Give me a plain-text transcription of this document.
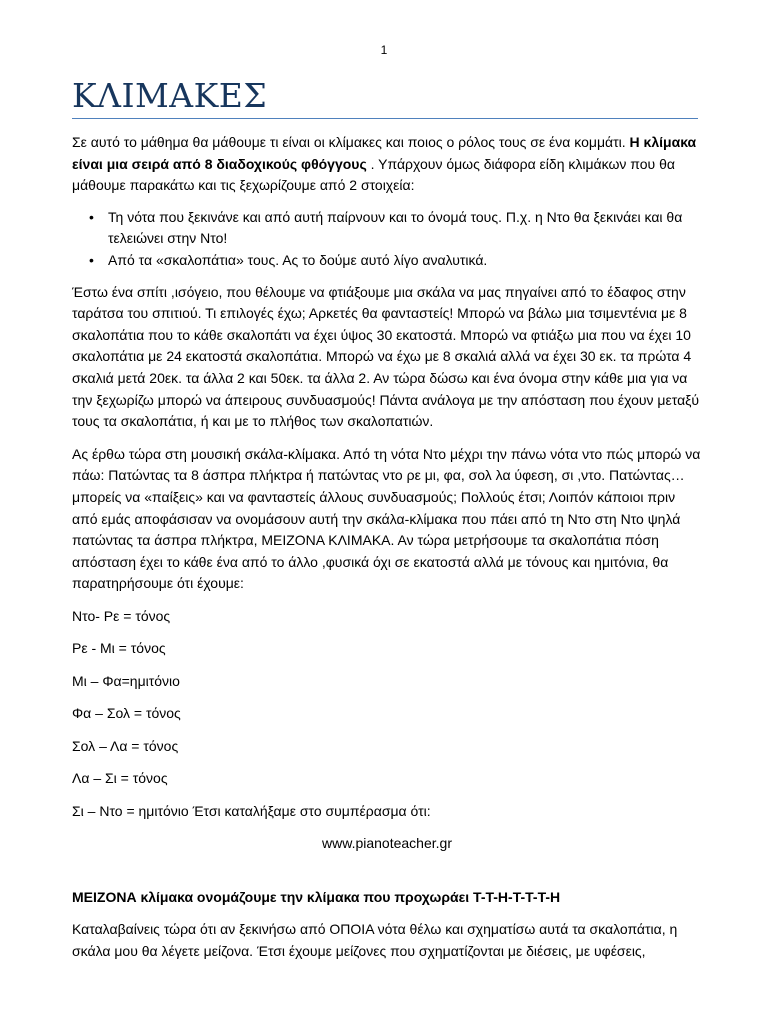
1
ΚΛΙΜΑΚΕΣ

Σε αυτό το μάθημα θα μάθουμε τι είναι οι κλίμακες και ποιος ο ρόλος τους σε ένα κομμάτι. Η κλίμακα είναι μια σειρά από 8 διαδοχικούς φθόγγους . Υπάρχουν όμως διάφορα είδη κλιμάκων που θα μάθουμε παρακάτω και τις ξεχωρίζουμε από 2 στοιχεία:

• Τη νότα που ξεκινάνε και από αυτή παίρνουν και το όνομά τους. Π.χ. η Ντο θα ξεκινάει και θα τελειώνει στην Ντο!
• Από τα «σκαλοπάτια» τους. Ας το δούμε αυτό λίγο αναλυτικά.

Έστω ένα σπίτι ,ισόγειο, που θέλουμε να φτιάξουμε μια σκάλα να μας πηγαίνει από το έδαφος στην ταράτσα του σπιτιού. Τι επιλογές έχω; Αρκετές θα φανταστείς! Μπορώ να βάλω μια τσιμεντένια με 8 σκαλοπάτια που το κάθε σκαλοπάτι να έχει ύψος 30 εκατοστά. Μπορώ να φτιάξω μια που να έχει 10 σκαλοπάτια με 24 εκατοστά σκαλοπάτια. Μπορώ να έχω με 8 σκαλιά αλλά να έχει 30 εκ. τα πρώτα 4 σκαλιά μετά 20εκ. τα άλλα 2 και 50εκ. τα άλλα 2. Αν τώρα δώσω και ένα όνομα στην κάθε μια για να την ξεχωρίζω μπορώ να άπειρους συνδυασμούς! Πάντα ανάλογα με την απόσταση που έχουν μεταξύ τους τα σκαλοπάτια, ή και με το πλήθος των σκαλοπατιών.

Ας έρθω τώρα στη μουσική σκάλα-κλίμακα. Από τη νότα Ντο μέχρι την πάνω νότα ντο πώς μπορώ να πάω: Πατώντας τα 8 άσπρα πλήκτρα ή πατώντας ντο ρε μι, φα, σολ λα ύφεση, σι ,ντο. Πατώντας…μπορείς να «παίξεις» και να φανταστείς άλλους συνδυασμούς; Πολλούς έτσι; Λοιπόν κάποιοι πριν από εμάς αποφάσισαν να ονομάσουν αυτή την σκάλα-κλίμακα που πάει από τη Ντο στη Ντο ψηλά πατώντας τα άσπρα πλήκτρα, ΜΕΙΖΟΝΑ ΚΛΙΜΑΚΑ. Αν τώρα μετρήσουμε τα σκαλοπάτια πόση απόσταση έχει το κάθε ένα από το άλλο ,φυσικά όχι σε εκατοστά αλλά με τόνους και ημιτόνια, θα παρατηρήσουμε ότι έχουμε:

Ντο- Ρε = τόνος

Ρε - Μι = τόνος

Μι – Φα=ημιτόνιο

Φα – Σολ = τόνος

Σολ – Λα = τόνος

Λα – Σι = τόνος

Σι – Ντο = ημιτόνιο Έτσι καταλήξαμε στο συμπέρασμα ότι:

www.pianoteacher.gr

ΜΕΙΖΟΝΑ κλίμακα ονομάζουμε την κλίμακα που προχωράει Τ-Τ-Η-Τ-Τ-Τ-Η

Καταλαβαίνεις τώρα ότι αν ξεκινήσω από ΟΠΟΙΑ νότα θέλω και σχηματίσω αυτά τα σκαλοπάτια, η σκάλα μου θα λέγετε μείζονα. Έτσι έχουμε μείζονες που σχηματίζονται με διέσεις, με υφέσεις,
